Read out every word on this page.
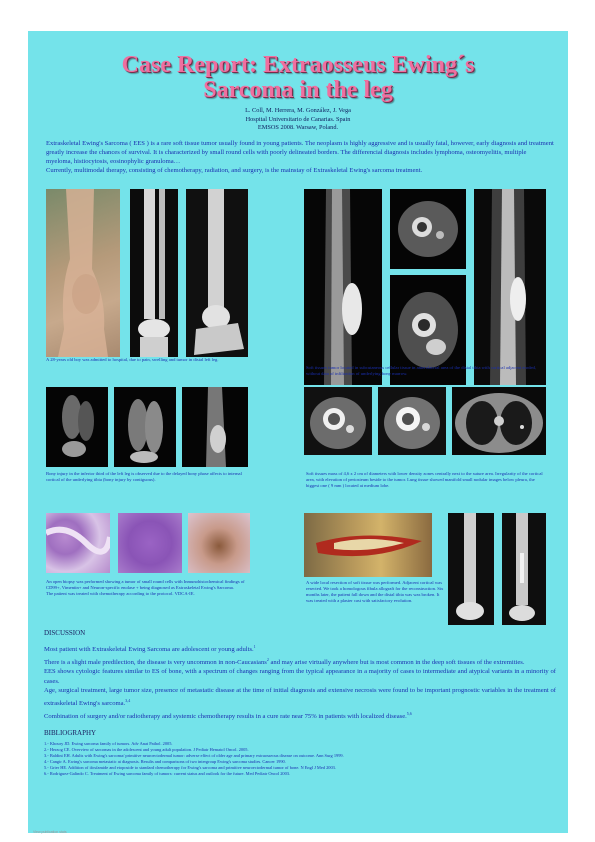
Case Report: Extraosseus Ewing´s
Sarcoma in the leg
L. Coll, M. Herrera, M. González, J. Vega
Hospital Universitario de Canarias. Spain
EMSOS 2008. Warsaw, Poland.
Extraskeletal Ewing's Sarcoma ( EES ) is a rare soft tissue tumor usually found in young patients. The neoplasm is highly aggressive and is usually fatal, however, early diagnosis and treatment greatly increase the chances of survival. It is characterized by small round cells with poorly delineated borders. The differencial diagnosis includes lymphoma, osteomyelitis, multiple myeloma, histiocytosis, eosinophylic granuloma…
Currently, multimodal therapy, consisting of chemotherapy, radiation, and surgery, is the mainstay of Extraskeletal Ewing's sarcoma treatment.
A 28-years old boy was admitted to hospital, due to pain, swelling and tumor in distal left leg.
Soft tissues tumor located in subcutaneous cellular tissue in anterolateral area of the distal tibia with cortical adjacent eroded, without data of infiltration of underlying bony marrow.
Bony injury in the inferior third of the left leg is observed due to the delayed bony phase affects to internal cortical of the underlying tibia (bony injury by contiguous).
Soft tissues mass of 4,6 x 2 cm of diameters with lower density zones centrally next to the suture area. Irregularity of the cortical area, with elevation of periosteum beside to the tumor. Lung tissue showed manifold small nodular images below pleura, the biggest one ( 9 mm ) located at medium lobe.
An open biopsy was performed showing a tumor of small round cells with Inmunohistochemical findings of CD99+, Vimentin+ and Neuron-specific enolase + being diagnosed as Extraskeletal Ewing's Sarcoma.
The patient was treated with chemotherapy according to the protocol. VDCA-IE.
A wide local resection of soft tissue was performed. Adjacent cortical was resected. We took a homologous fibula allograft for the reconstruction. Six months later, the patient fall down and the distal tibia was was broken. It was treated with a plaster cast with satisfactory evolution.
DISCUSSION

Most patient with Extraskeletal Ewing Sarcoma are adolescent or young adults.$^1$

There is a slight male predilection, the disease is very uncommon in non-Caucasians$^2$ and may arise virtually anywhere but is most common in the deep soft tissues of the extremities.

EES shows cytologic features similar to ES of bone, with a spectrum of changes ranging from the typical appearance in a majority of cases to intermediate and atypical variants in a minority of cases.

Age, surgical treatment, large tumor size, presence of metastatic disease at the time of initial diagnosis and extensive necrosis were found to be important prognostic variables in the treatment of extraskeletal Ewing's sarcoma.$^{3,4}$

Combination of surgery and/or radiotherapy and systemic chemotherapy results in a cure rate near 75% in patients with localized disease.$^{5,6}$

BIBLIOGRAPHY

1.- Khoury JD. Ewing sarcoma family of tumors. Adv Anat Pathol. 2005.

2.- Herzog CE. Overview of sarcomas in the adolescent and young adult population. J Pediatr Hematol Oncol. 2005.

3.- Baldini EH. Adults with Ewing's sarcoma/ primitive neuroectodermal tumor: adverse effect of older age and primary extraosseous disease on outcome. Ann Surg 1999.

4.- Cangir A. Ewing's sarcoma metastatic at diagnosis. Results and comparisons of two intergroup Ewing's sarcoma studies. Cancer 1990.

5.- Grier HE. Addition of ifosfamide and etoposide to standard chemotherapy for Ewing's sarcoma and primitive neuroectodermal tumor of bone. N Engl J Med 2003.

6.- Rodriguez-Galindo C. Treatment of Ewing sarcoma family of tumors: current status and outlook for the future. Med Pediatr Oncol 2003.

View publication stats
